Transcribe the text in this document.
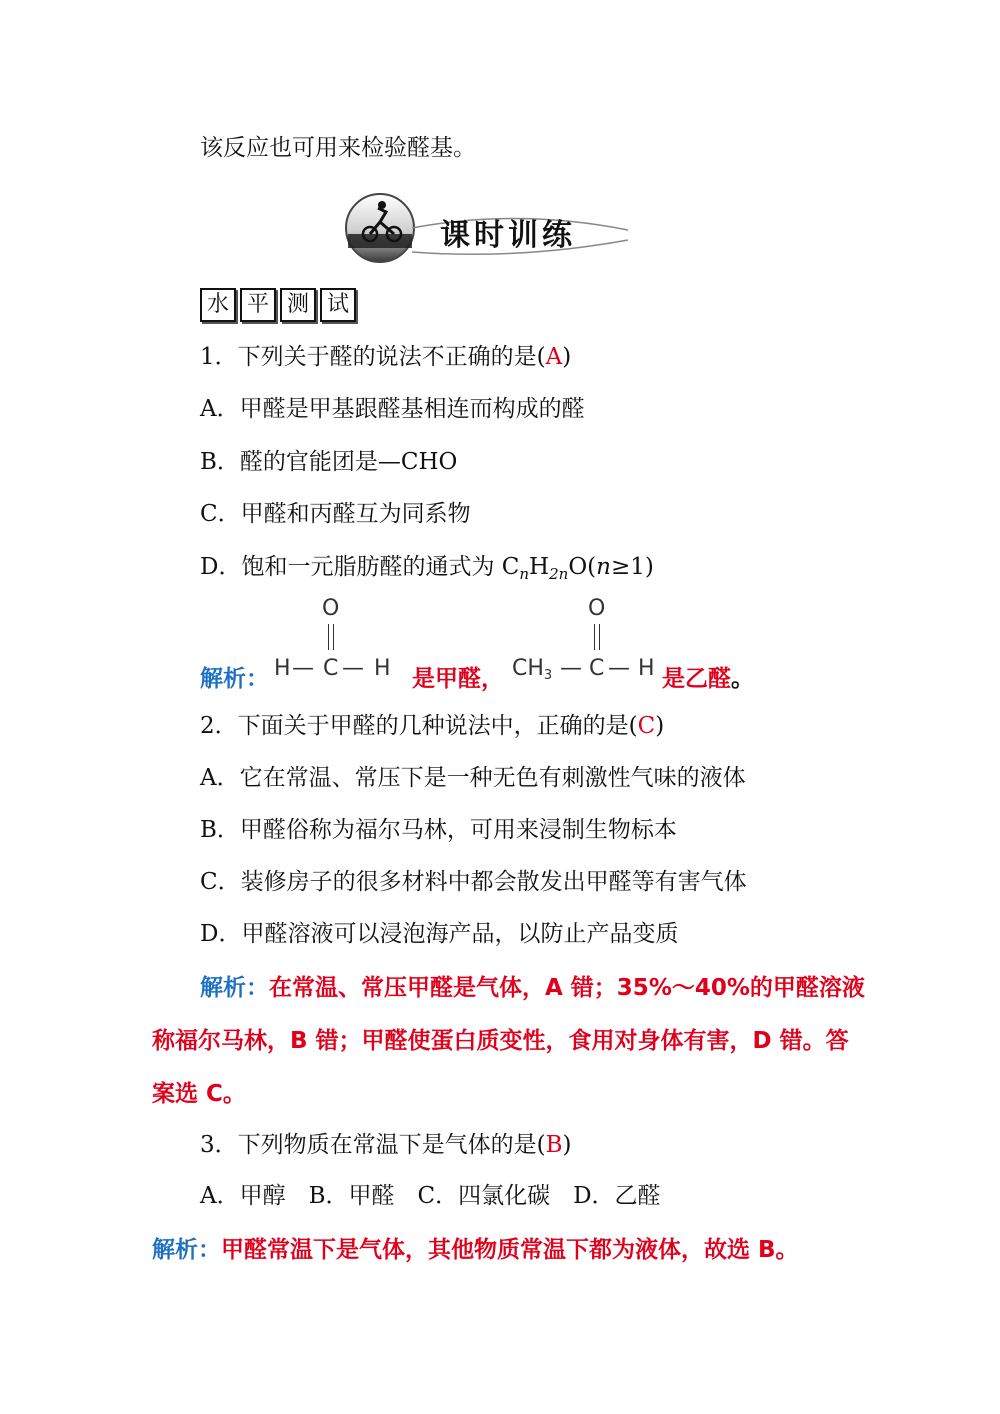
该反应也可用来检验醛基。
课时训练
水 平 测 试
1．下列关于醛的说法不正确的是(A)
A．甲醛是甲基跟醛基相连而构成的醛
B．醛的官能团是—CHO
C．甲醛和丙醛互为同系物
D．饱和一元脂肪醛的通式为 $C_nH_{2n}O(n\ge 1)$
解析：
O
H — C — H 是甲醛，
O
$CH_3$ — C — H 是乙醛。
2．下面关于甲醛的几种说法中，正确的是(C)
A．它在常温、常压下是一种无色有刺激性气味的液体
B．甲醛俗称为福尔马林，可用来浸制生物标本
C．装修房子的很多材料中都会散发出甲醛等有害气体
D．甲醛溶液可以浸泡海产品，以防止产品变质
解析：在常温、常压甲醛是气体，A 错；35%～40%的甲醛溶液
称福尔马林，B 错；甲醛使蛋白质变性，食用对身体有害，D 错。答
案选 C。
3．下列物质在常温下是气体的是(B)
A．甲醇　B．甲醛　C．四氯化碳　D．乙醛
解析：甲醛常温下是气体，其他物质常温下都为液体，故选 B。
